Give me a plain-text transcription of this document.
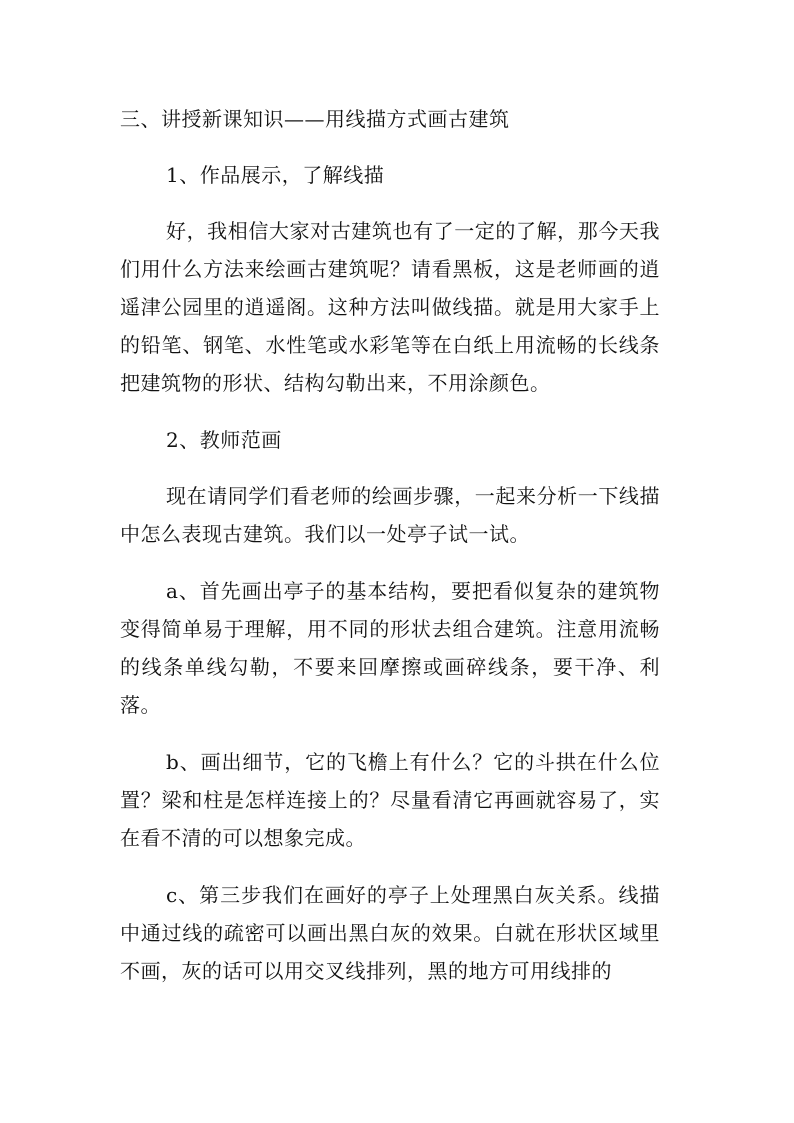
三、讲授新课知识——用线描方式画古建筑
1、作品展示，了解线描
好，我相信大家对古建筑也有了一定的了解，那今天我们用什么方法来绘画古建筑呢？请看黑板，这是老师画的逍遥津公园里的逍遥阁。这种方法叫做线描。就是用大家手上的铅笔、钢笔、水性笔或水彩笔等在白纸上用流畅的长线条把建筑物的形状、结构勾勒出来，不用涂颜色。
2、教师范画
现在请同学们看老师的绘画步骤，一起来分析一下线描中怎么表现古建筑。我们以一处亭子试一试。
a、首先画出亭子的基本结构，要把看似复杂的建筑物变得简单易于理解，用不同的形状去组合建筑。注意用流畅的线条单线勾勒，不要来回摩擦或画碎线条，要干净、利落。
b、画出细节，它的飞檐上有什么？它的斗拱在什么位置？梁和柱是怎样连接上的？尽量看清它再画就容易了，实在看不清的可以想象完成。
c、第三步我们在画好的亭子上处理黑白灰关系。线描中通过线的疏密可以画出黑白灰的效果。白就在形状区域里不画，灰的话可以用交叉线排列，黑的地方可用线排的
